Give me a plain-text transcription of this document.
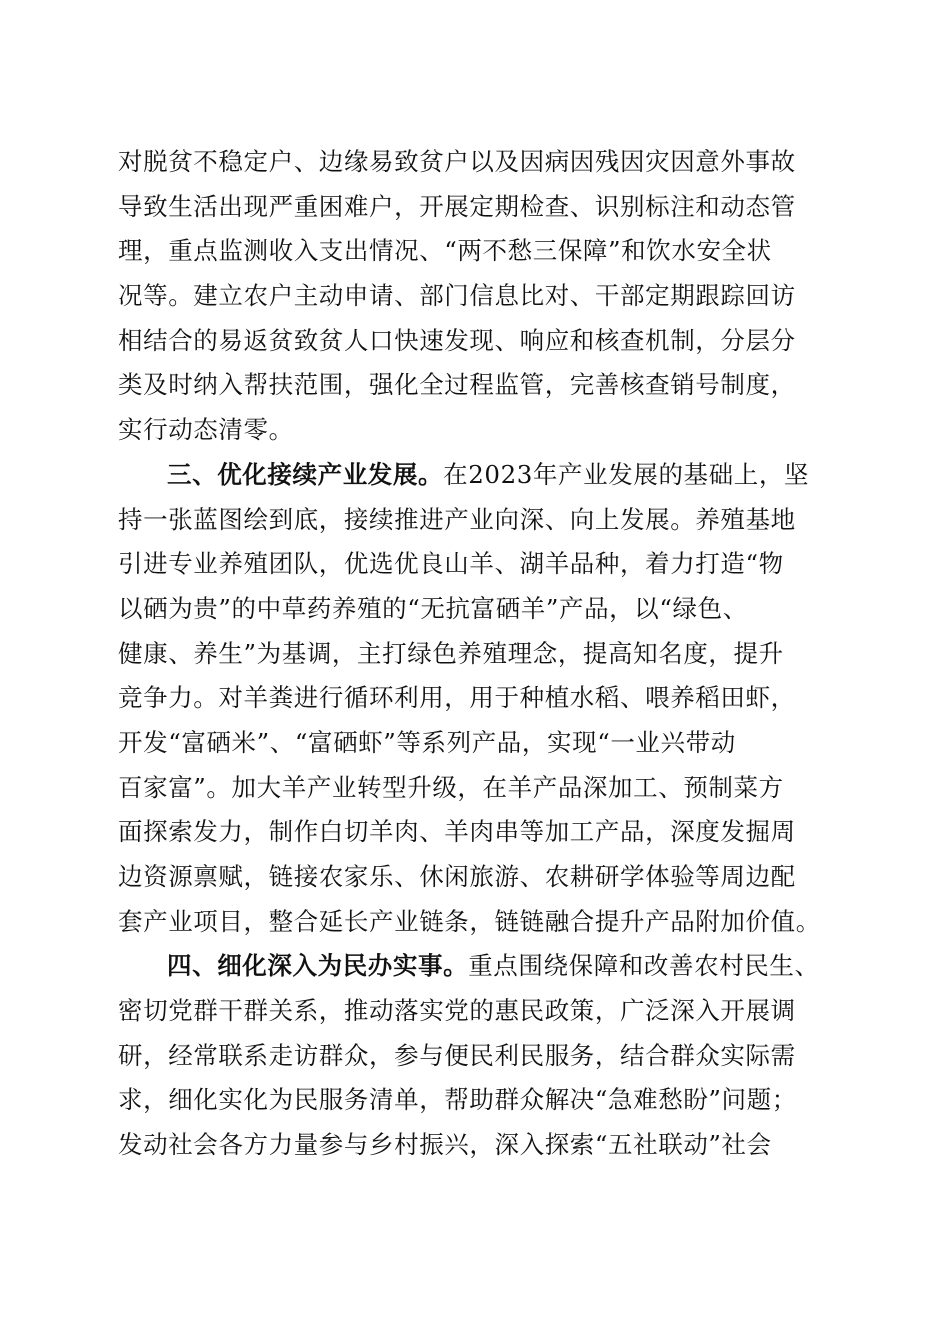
对脱贫不稳定户、边缘易致贫户以及因病因残因灾因意外事故
导致生活出现严重困难户，开展定期检查、识别标注和动态管
理，重点监测收入支出情况、“两不愁三保障”和饮水安全状
况等。建立农户主动申请、部门信息比对、干部定期跟踪回访
相结合的易返贫致贫人口快速发现、响应和核查机制，分层分
类及时纳入帮扶范围，强化全过程监管，完善核查销号制度，
实行动态清零。
三、优化接续产业发展。在2023年产业发展的基础上，坚
持一张蓝图绘到底，接续推进产业向深、向上发展。养殖基地
引进专业养殖团队，优选优良山羊、湖羊品种，着力打造“物
以硒为贵”的中草药养殖的“无抗富硒羊”产品，以“绿色、
健康、养生”为基调，主打绿色养殖理念，提高知名度，提升
竞争力。对羊粪进行循环利用，用于种植水稻、喂养稻田虾，
开发“富硒米”、“富硒虾”等系列产品，实现“一业兴带动
百家富”。加大羊产业转型升级，在羊产品深加工、预制菜方
面探索发力，制作白切羊肉、羊肉串等加工产品，深度发掘周
边资源禀赋，链接农家乐、休闲旅游、农耕研学体验等周边配
套产业项目，整合延长产业链条，链链融合提升产品附加价值。
四、细化深入为民办实事。重点围绕保障和改善农村民生、
密切党群干群关系，推动落实党的惠民政策，广泛深入开展调
研，经常联系走访群众，参与便民利民服务，结合群众实际需
求，细化实化为民服务清单，帮助群众解决“急难愁盼”问题；
发动社会各方力量参与乡村振兴，深入探索“五社联动”社会
